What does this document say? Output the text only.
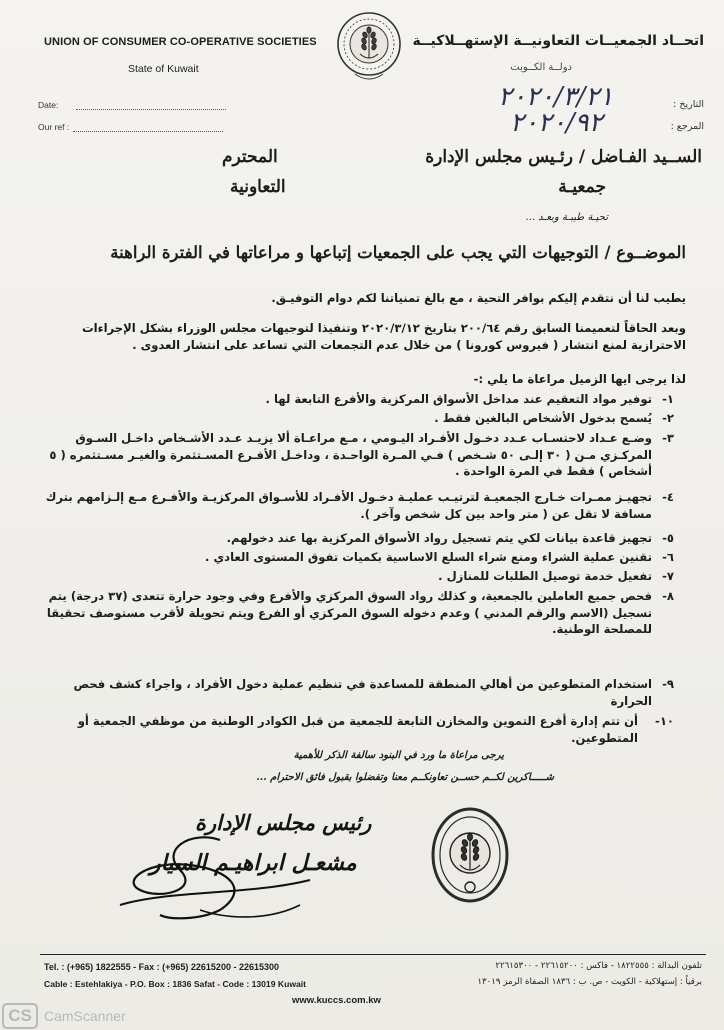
UNION OF CONSUMER CO-OPERATIVE SOCIETIES
State of Kuwait
Date:
Our ref :
اتحــاد الجمعيــات التعاونيــة الإستهــلاكيــة
دولــة الكــويت
التاريخ :
المرجع :
٢٠٢٠/٣/٢١
٢٠٢٠/٩٢
الســيد الفـاضل / رئـيس مجلس الإدارة
المحترم
جمعيـة
التعاونية
تحيـة طيبـة وبعـد ...
الموضــوع / التوجيهات التي يجب على الجمعيات إتباعها و مراعاتها في الفترة الراهنة
يطيب لنا أن نتقدم إليكم بوافر التحية ، مع بالغ تمنياتنا لكم دوام التوفيـق.
وبعد الحاقاً لتعميمنا السابق رقم ٢٠٠/٦٤ بتاريخ ٢٠٢٠/٣/١٢ وتنفيذا لتوجيهات مجلس الوزراء بشكل الإجراءات الاحترازية لمنع انتشار ( فيروس كورونا ) من خلال عدم التجمعات التي تساعد على انتشار العدوى .
لذا يرجى ايها الزميل مراعاة ما يلي :-
١-
توفير مواد التعقيم عند مداخل الأسواق المركزية والأفرع التابعة لها .
٢-
يُسمح بدخول الأشخاص البالغين فقط .
٣-
وضـع عـداد لاحتسـاب عـدد دخـول الأفـراد اليـومي ، مـع مراعـاة ألا يزيـد عـدد الأشـخاص داخـل السـوق المركـزي مـن ( ٣٠ إلـى ٥٠ شـخص ) فـي المـرة الواحـدة ، وداخـل الأفـرع المسـتثمرة والغيـر مسـتثمره ( ٥ أشخاص ) فقط في المرة الواحدة .
٤-
تجهيـز ممـرات خـارج الجمعيـة لترتيـب عمليـة دخـول الأفـراد للأسـواق المركزيـة والأفـرع مـع إلـزامهم بترك مسافة لا تقل عن ( متر واحد بين كل شخص وآخر ).
٥-
تجهيز قاعدة بيانات لكي يتم تسجيل رواد الأسواق المركزية بها عند دخولهم.
٦-
تقنين عملية الشراء ومنع شراء السلع الاساسية بكميات تفوق المستوى العادي .
٧-
تفعيل خدمة توصيل الطلبات للمنازل .
٨-
فحص جميع العاملين بالجمعية، و كذلك رواد السوق المركزي والأفرع وفي وجود حرارة تتعدى (٣٧ درجة) يتم تسجيل (الاسم والرقم المدني ) وعدم دخوله السوق المركزي أو الفرع ويتم تحويلة لأقرب مستوصف تحقيقا للمصلحة الوطنية.
٩-
استخدام المتطوعين من أهالي المنطقة للمساعدة في تنظيم عملية دخول الأفراد ، واجراء كشف فحص الحرارة
١٠-
أن تتم إدارة أفرع التموين والمخازن التابعة للجمعية من قبل الكوادر الوطنية من موظفي الجمعية أو المتطوعين.
يرجى مراعاة ما ورد في البنود سالفة الذكر للأهمية
شـــــاكرين لكــم حســن تعاونكــم معنا وتفضلوا بقبول فائق الاحترام ...
رئيس مجلس الإدارة
مشعـل ابراهيـم السيار
Tel. : (+965) 1822555 - Fax : (+965) 22615200 - 22615300
Cable : Estehlakiya - P.O. Box : 1836 Safat - Code : 13019 Kuwait
www.kuccs.com.kw
تلفون البدالة : ١٨٢٢٥٥٥ - فاكس : ٢٢٦١٥٢٠٠ - ٢٢٦١٥٣٠٠
برقياً : إستهلاكية - الكويت - ص. ب : ١٨٣٦ الصفاة الرمز ١٣٠١٩
CS CamScanner
